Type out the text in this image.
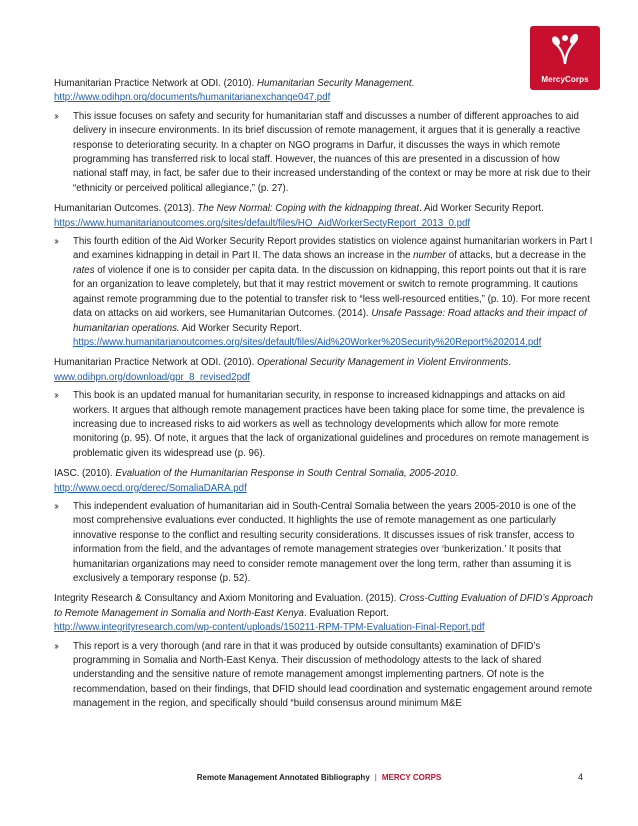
MercyCorps
Humanitarian Practice Network at ODI. (2010). Humanitarian Security Management.
http://www.odihpn.org/documents/humanitarianexchange047.pdf
›› This issue focuses on safety and security for humanitarian staff and discusses a number of different approaches to aid delivery in insecure environments. In its brief discussion of remote management, it argues that it is generally a reactive response to deteriorating security. In a chapter on NGO programs in Darfur, it discusses the ways in which remote programming has transferred risk to local staff. However, the nuances of this are presented in a discussion of how national staff may, in fact, be safer due to their increased understanding of the context or may be more at risk due to their “ethnicity or perceived political allegiance,” (p. 27).
Humanitarian Outcomes. (2013). The New Normal: Coping with the kidnapping threat. Aid Worker Security Report. https://www.humanitarianoutcomes.org/sites/default/files/HO_AidWorkerSectyReport_2013_0.pdf
›› This fourth edition of the Aid Worker Security Report provides statistics on violence against humanitarian workers in Part I and examines kidnapping in detail in Part II. The data shows an increase in the number of attacks, but a decrease in the rates of violence if one is to consider per capita data. In the discussion on kidnapping, this report points out that it is rare for an organization to leave completely, but that it may restrict movement or switch to remote programming. It cautions against remote programming due to the potential to transfer risk to “less well-resourced entities,” (p. 10). For more recent data on attacks on aid workers, see Humanitarian Outcomes. (2014). Unsafe Passage: Road attacks and their impact of humanitarian operations. Aid Worker Security Report.
https://www.humanitarianoutcomes.org/sites/default/files/Aid%20Worker%20Security%20Report%202014.pdf
Humanitarian Practice Network at ODI. (2010). Operational Security Management in Violent Environments.
www.odihpn.org/download/gpr_8_revised2pdf
›› This book is an updated manual for humanitarian security, in response to increased kidnappings and attacks on aid workers. It argues that although remote management practices have been taking place for some time, the prevalence is increasing due to increased risks to aid workers as well as technology developments which allow for more remote monitoring (p. 95). Of note, it argues that the lack of organizational guidelines and procedures on remote management is problematic given its widespread use (p. 96).
IASC. (2010). Evaluation of the Humanitarian Response in South Central Somalia, 2005-2010.
http://www.oecd.org/derec/SomaliaDARA.pdf
›› This independent evaluation of humanitarian aid in South-Central Somalia between the years 2005-2010 is one of the most comprehensive evaluations ever conducted. It highlights the use of remote management as one particularly innovative response to the conflict and resulting security considerations. It discusses issues of risk transfer, access to information from the field, and the advantages of remote management strategies over ‘bunkerization.’ It posits that humanitarian organizations may need to consider remote management over the long term, rather than assuming it is exclusively a temporary response (p. 52).
Integrity Research & Consultancy and Axiom Monitoring and Evaluation. (2015). Cross-Cutting Evaluation of DFID’s Approach to Remote Management in Somalia and North-East Kenya. Evaluation Report.
http://www.integrityresearch.com/wp-content/uploads/150211-RPM-TPM-Evaluation-Final-Report.pdf
›› This report is a very thorough (and rare in that it was produced by outside consultants) examination of DFID’s programming in Somalia and North-East Kenya. Their discussion of methodology attests to the lack of shared understanding and the sensitive nature of remote management amongst implementing partners. Of note is the recommendation, based on their findings, that DFID should lead coordination and systematic engagement around remote management in the region, and specifically should “build consensus around minimum M&E
Remote Management Annotated Bibliography | MERCY CORPS	4
